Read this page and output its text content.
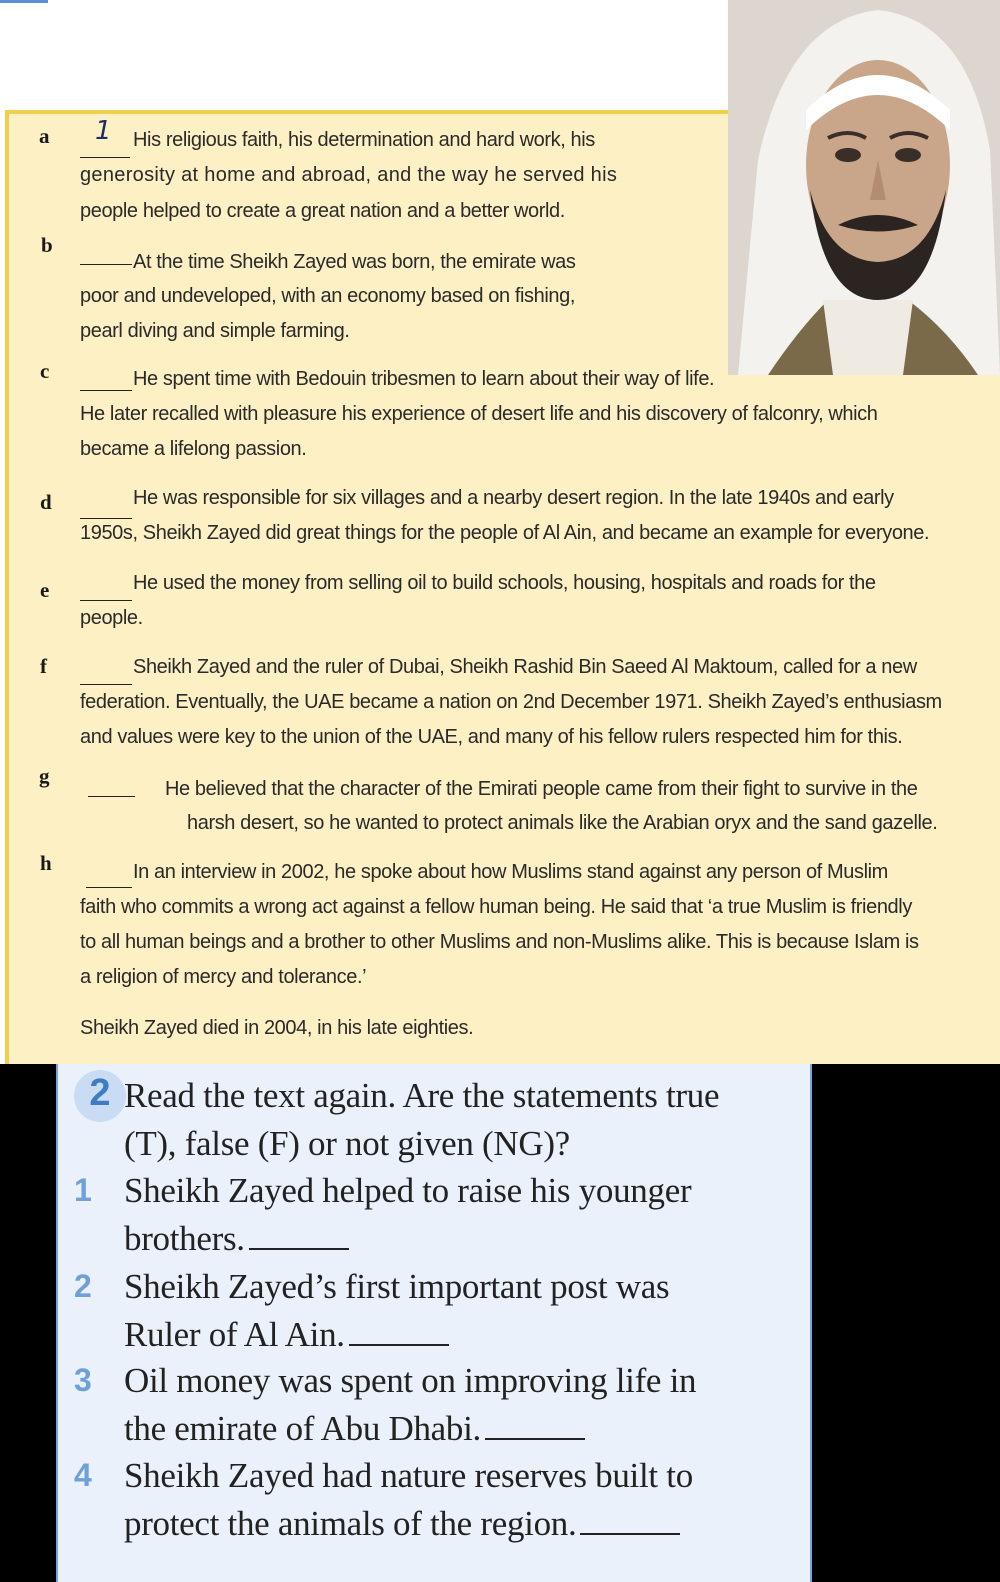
a 1 His religious faith, his determination and hard work, his
generosity at home and abroad, and the way he served his
people helped to create a great nation and a better world.
b
At the time Sheikh Zayed was born, the emirate was
poor and undeveloped, with an economy based on fishing,
pearl diving and simple farming.
c	He spent time with Bedouin tribesmen to learn about their way of life.
He later recalled with pleasure his experience of desert life and his discovery of falconry, which
became a lifelong passion.
d	He was responsible for six villages and a nearby desert region. In the late 1940s and early
1950s, Sheikh Zayed did great things for the people of Al Ain, and became an example for everyone.
e	He used the money from selling oil to build schools, housing, hospitals and roads for the
people.
f	Sheikh Zayed and the ruler of Dubai, Sheikh Rashid Bin Saeed Al Maktoum, called for a new
federation. Eventually, the UAE became a nation on 2nd December 1971. Sheikh Zayed’s enthusiasm
and values were key to the union of the UAE, and many of his fellow rulers respected him for this.
g
He believed that the character of the Emirati people came from their fight to survive in the
harsh desert, so he wanted to protect animals like the Arabian oryx and the sand gazelle.
h	In an interview in 2002, he spoke about how Muslims stand against any person of Muslim
faith who commits a wrong act against a fellow human being. He said that ‘a true Muslim is friendly
to all human beings and a brother to other Muslims and non-Muslims alike. This is because Islam is
a religion of mercy and tolerance.’
Sheikh Zayed died in 2004, in his late eighties.
2 Read the text again. Are the statements true
(T), false (F) or not given (NG)?
1 Sheikh Zayed helped to raise his younger
brothers.
2 Sheikh Zayed’s first important post was
Ruler of Al Ain.
3 Oil money was spent on improving life in
the emirate of Abu Dhabi.
4 Sheikh Zayed had nature reserves built to
protect the animals of the region.
